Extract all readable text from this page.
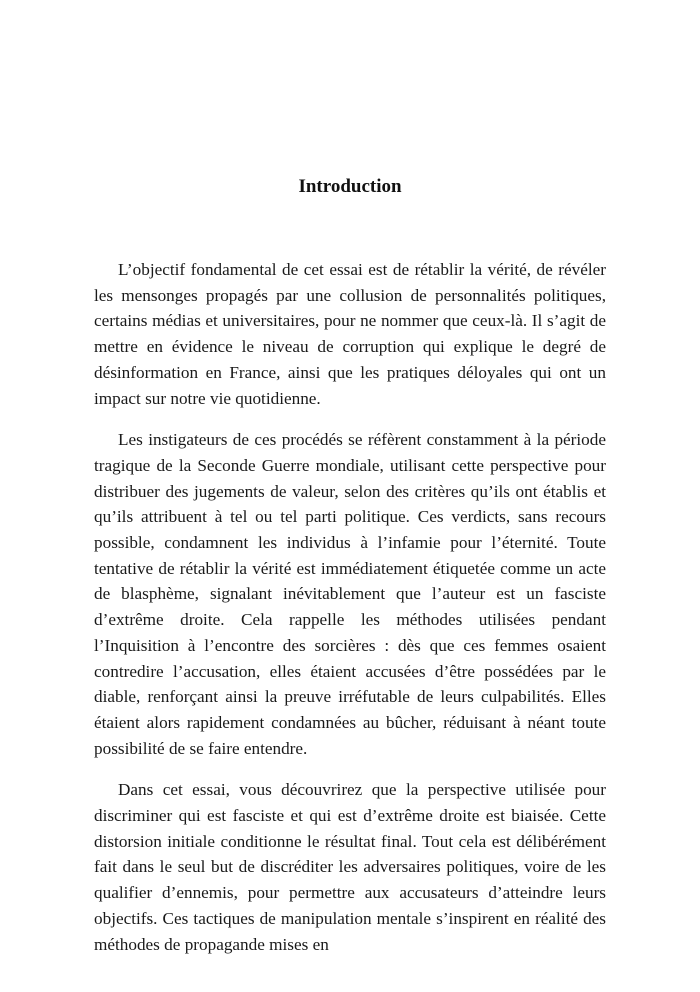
Introduction

L’objectif fondamental de cet essai est de rétablir la vérité, de révéler les mensonges propagés par une collusion de personnalités politiques, certains médias et universitaires, pour ne nommer que ceux-là. Il s’agit de mettre en évidence le niveau de corruption qui explique le degré de désinformation en France, ainsi que les pratiques déloyales qui ont un impact sur notre vie quotidienne.

Les instigateurs de ces procédés se réfèrent constamment à la période tragique de la Seconde Guerre mondiale, utilisant cette perspective pour distribuer des jugements de valeur, selon des critères qu’ils ont établis et qu’ils attribuent à tel ou tel parti politique. Ces verdicts, sans recours possible, condamnent les individus à l’infamie pour l’éternité. Toute tentative de rétablir la vérité est immédiatement étiquetée comme un acte de blasphème, signalant inévitablement que l’auteur est un fasciste d’extrême droite. Cela rappelle les méthodes utilisées pendant l’Inquisition à l’encontre des sorcières : dès que ces femmes osaient contredire l’accusation, elles étaient accusées d’être possédées par le diable, renforçant ainsi la preuve irréfutable de leurs culpabilités. Elles étaient alors rapidement condamnées au bûcher, réduisant à néant toute possibilité de se faire entendre.

Dans cet essai, vous découvrirez que la perspective utilisée pour discriminer qui est fasciste et qui est d’extrême droite est biaisée. Cette distorsion initiale conditionne le résultat final. Tout cela est délibérément fait dans le seul but de discréditer les adversaires politiques, voire de les qualifier d’ennemis, pour permettre aux accusateurs d’atteindre leurs objectifs. Ces tactiques de manipulation mentale s’inspirent en réalité des méthodes de propagande mises en
